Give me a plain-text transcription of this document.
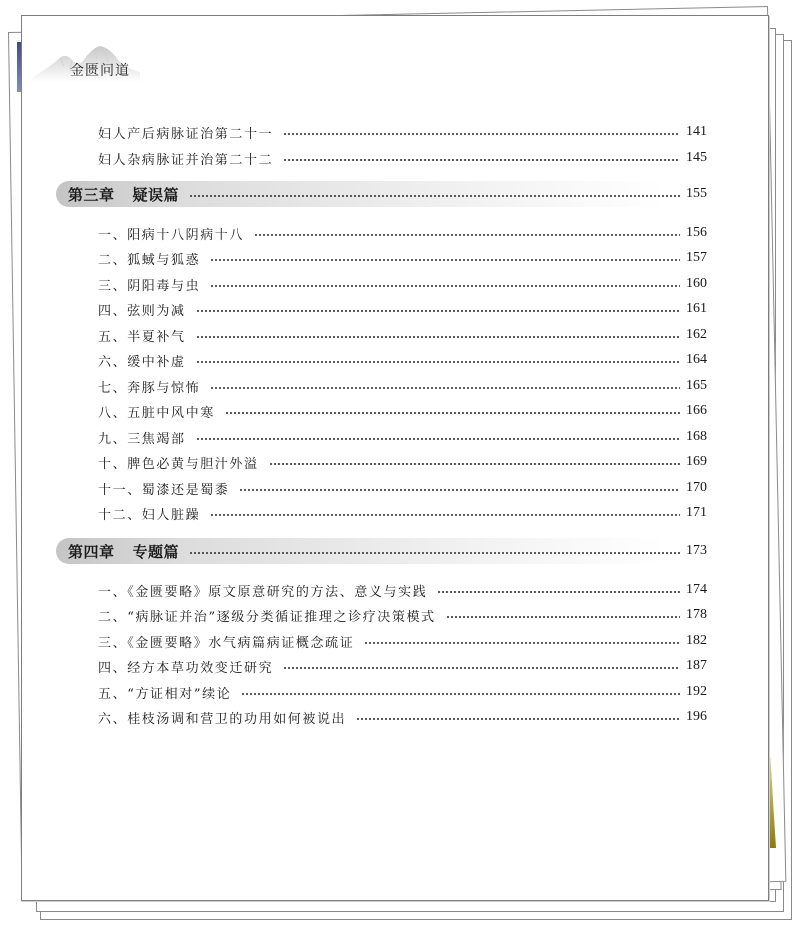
金匮问道
妇人产后病脉证治第二十一	141
妇人杂病脉证并治第二十二	145
第三章 疑误篇	155
一、阳病十八阴病十八	156
二、狐蜮与狐惑	157
三、阴阳毒与虫	160
四、弦则为减	161
五、半夏补气	162
六、缓中补虚	164
七、奔豚与惊怖	165
八、五脏中风中寒	166
九、三焦竭部	168
十、脾色必黄与胆汁外溢	169
十一、蜀漆还是蜀黍	170
十二、妇人脏躁	171
第四章 专题篇	173
一、《金匮要略》原文原意研究的方法、意义与实践	174
二、“病脉证并治”逐级分类循证推理之诊疗决策模式	178
三、《金匮要略》水气病篇病证概念疏证	182
四、经方本草功效变迁研究	187
五、“方证相对”续论	192
六、桂枝汤调和营卫的功用如何被说出	196
